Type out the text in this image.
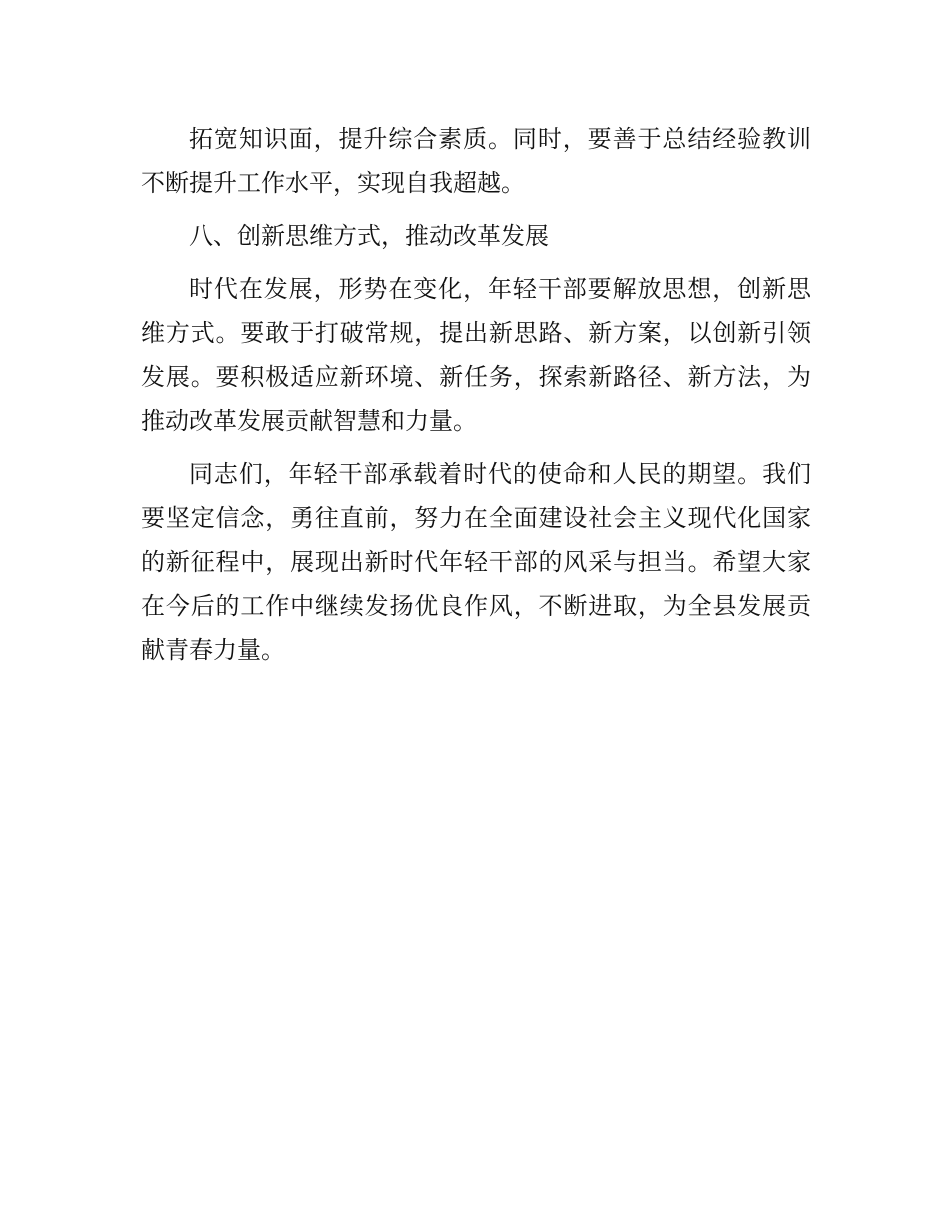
拓宽知识面，提升综合素质。同时，要善于总结经验教训
不断提升工作水平，实现自我超越。
八、创新思维方式，推动改革发展
时代在发展，形势在变化，年轻干部要解放思想，创新思
维方式。要敢于打破常规，提出新思路、新方案，以创新引领
发展。要积极适应新环境、新任务，探索新路径、新方法，为
推动改革发展贡献智慧和力量。
同志们，年轻干部承载着时代的使命和人民的期望。我们
要坚定信念，勇往直前，努力在全面建设社会主义现代化国家
的新征程中，展现出新时代年轻干部的风采与担当。希望大家
在今后的工作中继续发扬优良作风，不断进取，为全县发展贡
献青春力量。
